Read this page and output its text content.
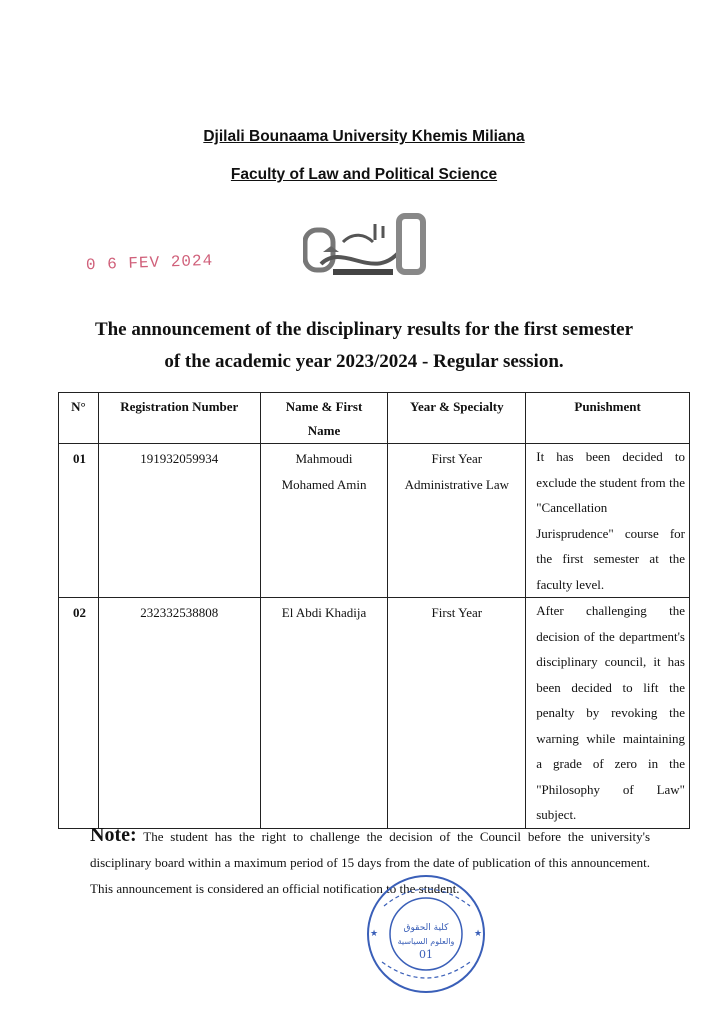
Djilali Bounaama University Khemis Miliana
Faculty of Law and Political Science
0 6 FEV 2024
The announcement of the disciplinary results for the first semester
of the academic year 2023/2024 - Regular session.
N°	Registration Number	Name & First Name	Year & Specialty	Punishment
01	191932059934	Mahmoudi Mohamed Amin	First Year Administrative Law	It has been decided to exclude the student from the "Cancellation Jurisprudence" course for the first semester at the faculty level.
02	232332538808	El Abdi Khadija	First Year	After challenging the decision of the department's disciplinary council, it has been decided to lift the penalty by revoking the warning while maintaining a grade of zero in the "Philosophy of Law" subject.
Note: The student has the right to challenge the decision of the Council before the university's disciplinary board within a maximum period of 15 days from the date of publication of this announcement. This announcement is considered an official notification to the student.
كلية الحقوق
والعلوم السياسية
01
★	★
